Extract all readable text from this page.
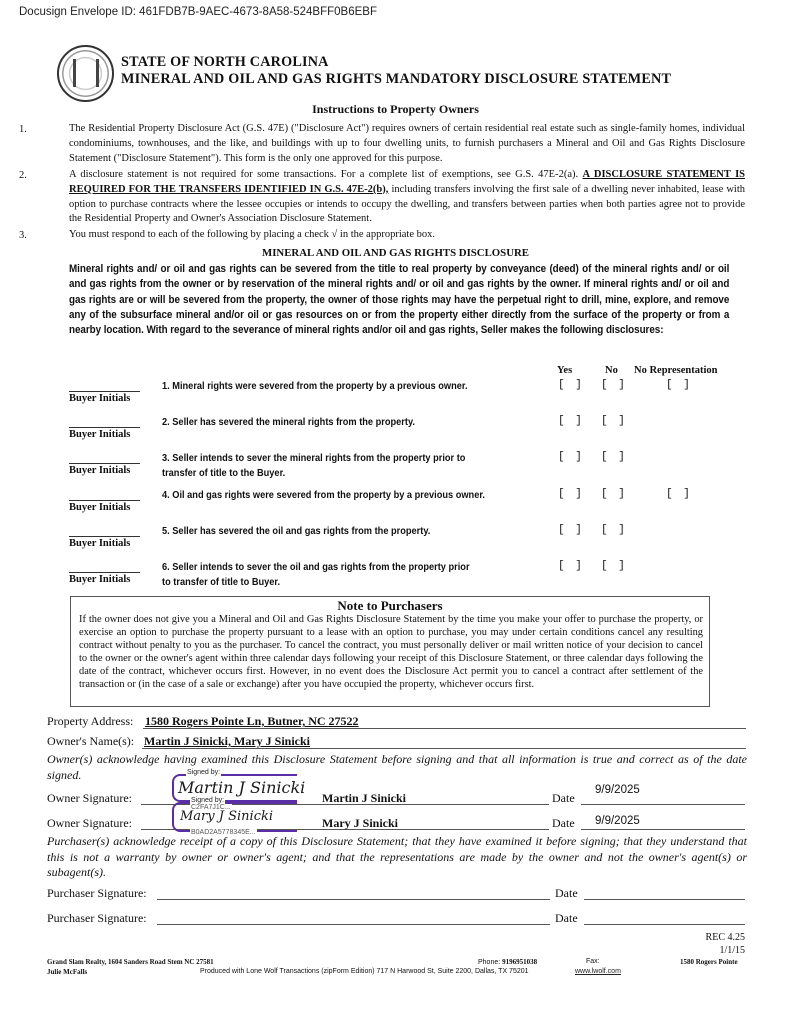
Docusign Envelope ID: 461FDB7B-9AEC-4673-8A58-524BFF0B6EBF
STATE OF NORTH CAROLINA
MINERAL AND OIL AND GAS RIGHTS MANDATORY DISCLOSURE STATEMENT
Instructions to Property Owners
1.	The Residential Property Disclosure Act (G.S. 47E) ("Disclosure Act") requires owners of certain residential real estate such as single-family homes, individual condominiums, townhouses, and the like, and buildings with up to four dwelling units, to furnish purchasers a Mineral and Oil and Gas Rights Disclosure Statement ("Disclosure Statement"). This form is the only one approved for this purpose.
2.	A disclosure statement is not required for some transactions. For a complete list of exemptions, see G.S. 47E-2(a). A DISCLOSURE STATEMENT IS REQUIRED FOR THE TRANSFERS IDENTIFIED IN G.S. 47E-2(b), including transfers involving the first sale of a dwelling never inhabited, lease with option to purchase contracts where the lessee occupies or intends to occupy the dwelling, and transfers between parties when both parties agree not to provide the Residential Property and Owner's Association Disclosure Statement.
3.	You must respond to each of the following by placing a check √ in the appropriate box.
MINERAL AND OIL AND GAS RIGHTS DISCLOSURE
Mineral rights and/ or oil and gas rights can be severed from the title to real property by conveyance (deed) of the mineral rights and/ or oil and gas rights from the owner or by reservation of the mineral rights and/ or oil and gas rights by the owner. If mineral rights and/ or oil and gas rights are or will be severed from the property, the owner of those rights may have the perpetual right to drill, mine, explore, and remove any of the subsurface mineral and/or oil or gas resources on or from the property either directly from the surface of the property or from a nearby location. With regard to the severance of mineral rights and/or oil and gas rights, Seller makes the following disclosures:
Yes	No No Representation
Buyer Initials
1. Mineral rights were severed from the property by a previous owner.	[ ] [ ]	[ ]
Buyer Initials
2. Seller has severed the mineral rights from the property.	[ ] [ ]
Buyer Initials
3. Seller intends to sever the mineral rights from the property prior to
transfer of title to the Buyer.
[ ] [ ]
Buyer Initials
4. Oil and gas rights were severed from the property by a previous owner.	[ ] [ ]	[ ]
Buyer Initials
5. Seller has severed the oil and gas rights from the property.	[ ] [ ]
Buyer Initials
6. Seller intends to sever the oil and gas rights from the property prior
to transfer of title to Buyer.
[ ] [ ]
Note to Purchasers
If the owner does not give you a Mineral and Oil and Gas Rights Disclosure Statement by the time you make your offer to purchase the property, or exercise an option to purchase the property pursuant to a lease with an option to purchase, you may under certain conditions cancel any resulting contract without penalty to you as the purchaser. To cancel the contract, you must personally deliver or mail written notice of your decision to cancel to the owner or the owner's agent within three calendar days following your receipt of this Disclosure Statement, or three calendar days following the date of the contract, whichever occurs first. However, in no event does the Disclosure Act permit you to cancel a contract after settlement of the transaction or (in the case of a sale or exchange) after you have occupied the property, whichever occurs first.
Property Address: 1580 Rogers Pointe Ln, Butner, NC 27522
Owner's Name(s): Martin J Sinicki, Mary J Sinicki
Owner(s) acknowledge having examined this Disclosure Statement before signing and that all information is true and correct as of the date signed.
Owner Signature:
Signed by:
Martin J Sinicki
Martin J Sinicki	Date
9/9/2025
Owner Signature:
Signed by:
C2FA7J1C...
Mary J Sinicki
B0AD2A5778345E...
Mary J Sinicki	Date 9/9/2025
Purchaser(s) acknowledge receipt of a copy of this Disclosure Statement; that they have examined it before signing; that they understand that this is not a warranty by owner or owner's agent; and that the representations are made by the owner and not the owner's agent(s) or subagent(s).
Purchaser Signature:	Date
Purchaser Signature:	Date
REC 4.25
1/1/15
Grand Slam Realty, 1604 Sanders Road Stem NC 27581
Julie McFalls
Phone: 9196951038	Fax:	1580 Rogers Pointe
Produced with Lone Wolf Transactions (zipForm Edition) 717 N Harwood St, Suite 2200, Dallas, TX 75201	www.lwolf.com
